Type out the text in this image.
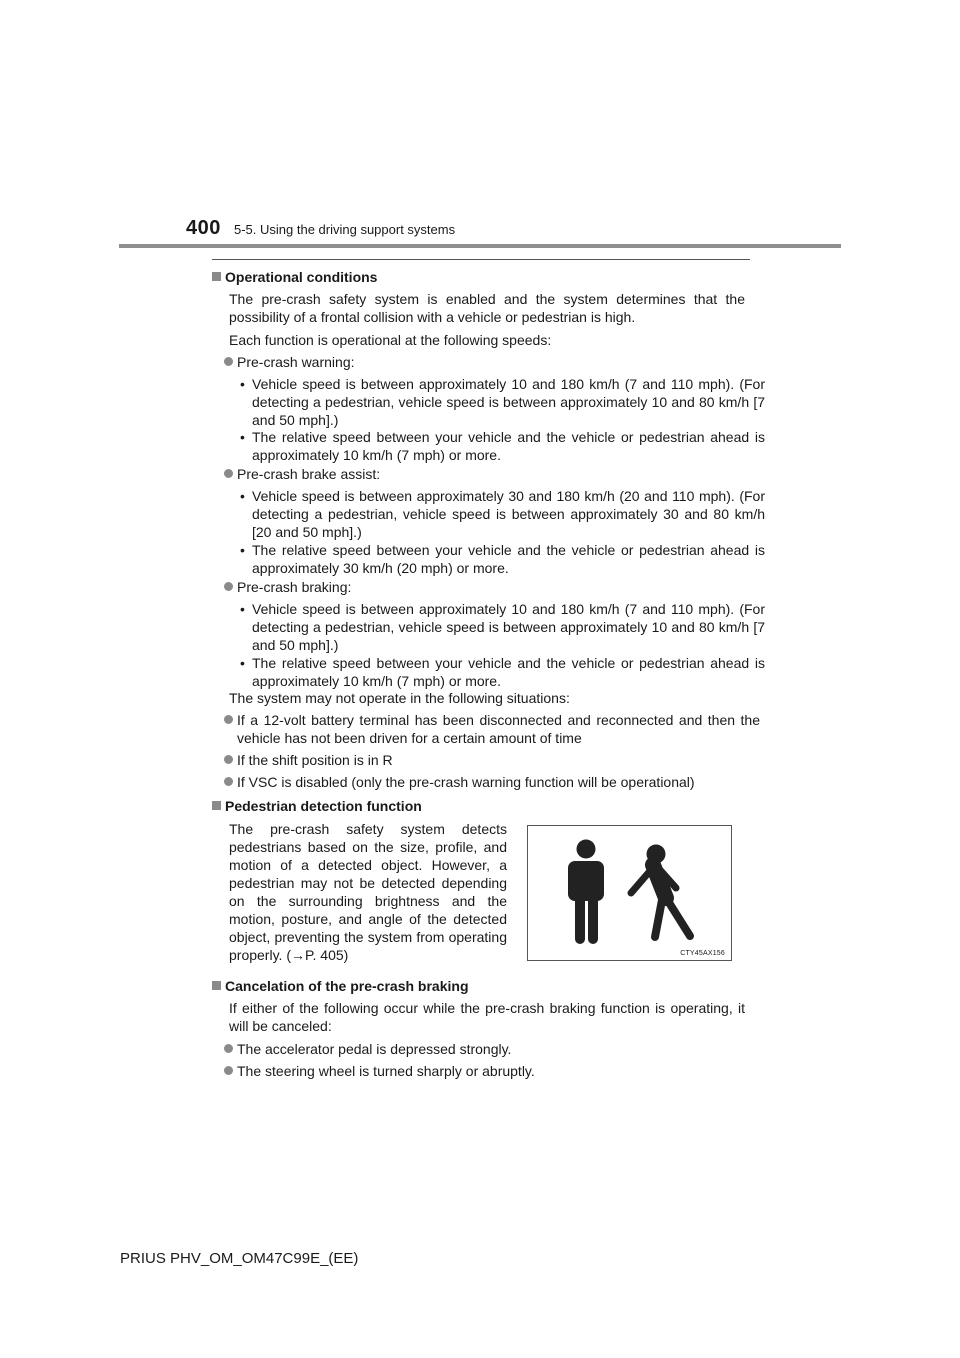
400 5-5. Using the driving support systems
Operational conditions
The pre-crash safety system is enabled and the system determines that the possibility of a frontal collision with a vehicle or pedestrian is high.
Each function is operational at the following speeds:
Pre-crash warning:
• Vehicle speed is between approximately 10 and 180 km/h (7 and 110 mph). (For detecting a pedestrian, vehicle speed is between approximately 10 and 80 km/h [7 and 50 mph].)
• The relative speed between your vehicle and the vehicle or pedestrian ahead is approximately 10 km/h (7 mph) or more.
Pre-crash brake assist:
• Vehicle speed is between approximately 30 and 180 km/h (20 and 110 mph). (For detecting a pedestrian, vehicle speed is between approximately 30 and 80 km/h [20 and 50 mph].)
• The relative speed between your vehicle and the vehicle or pedestrian ahead is approximately 30 km/h (20 mph) or more.
Pre-crash braking:
• Vehicle speed is between approximately 10 and 180 km/h (7 and 110 mph). (For detecting a pedestrian, vehicle speed is between approximately 10 and 80 km/h [7 and 50 mph].)
• The relative speed between your vehicle and the vehicle or pedestrian ahead is approximately 10 km/h (7 mph) or more.
The system may not operate in the following situations:
If a 12-volt battery terminal has been disconnected and reconnected and then the vehicle has not been driven for a certain amount of time
If the shift position is in R
If VSC is disabled (only the pre-crash warning function will be operational)
Pedestrian detection function
The pre-crash safety system detects pedestrians based on the size, profile, and motion of a detected object. However, a pedestrian may not be detected depending on the surrounding brightness and the motion, posture, and angle of the detected object, preventing the system from operating properly. (→P. 405)	CTY45AX156
Cancelation of the pre-crash braking
If either of the following occur while the pre-crash braking function is operating, it will be canceled:
The accelerator pedal is depressed strongly.
The steering wheel is turned sharply or abruptly.
PRIUS PHV_OM_OM47C99E_(EE)
